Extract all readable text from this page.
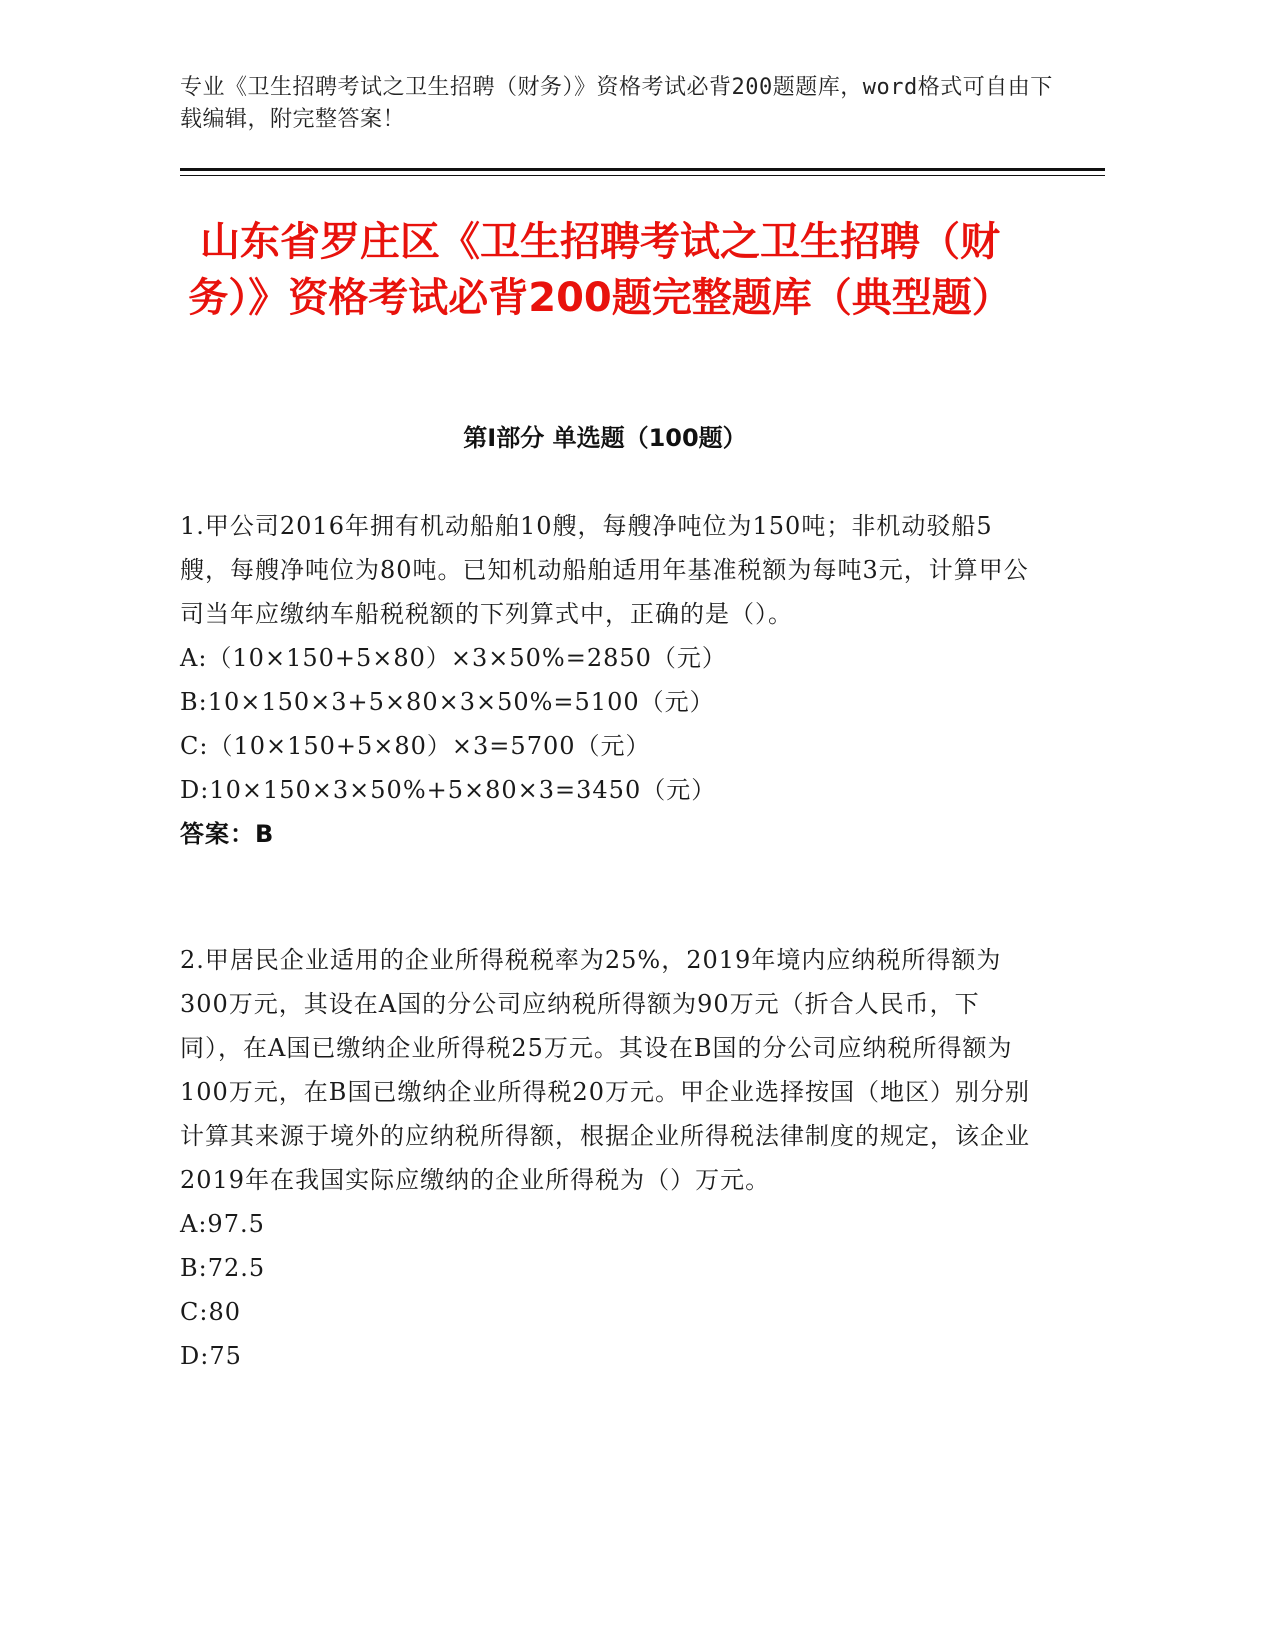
专业《卫生招聘考试之卫生招聘（财务）》资格考试必背200题题库，word格式可自由下载编辑，附完整答案！
山东省罗庄区《卫生招聘考试之卫生招聘（财务）》资格考试必背200题完整题库（典型题）
第Ⅰ部分 单选题（100题）

1.甲公司2016年拥有机动船舶10艘，每艘净吨位为150吨；非机动驳船5艘，每艘净吨位为80吨。已知机动船舶适用年基准税额为每吨3元，计算甲公司当年应缴纳车船税税额的下列算式中，正确的是（）。

A:（10×150+5×80）×3×50%=2850（元）

B:10×150×3+5×80×3×50%=5100（元）

C:（10×150+5×80）×3=5700（元）

D:10×150×3×50%+5×80×3=3450（元）

答案：B

2.甲居民企业适用的企业所得税税率为25%，2019年境内应纳税所得额为300万元，其设在A国的分公司应纳税所得额为90万元（折合人民币，下同），在A国已缴纳企业所得税25万元。其设在B国的分公司应纳税所得额为100万元，在B国已缴纳企业所得税20万元。甲企业选择按国（地区）别分别计算其来源于境外的应纳税所得额，根据企业所得税法律制度的规定，该企业2019年在我国实际应缴纳的企业所得税为（）万元。

A:97.5

B:72.5

C:80

D:75
